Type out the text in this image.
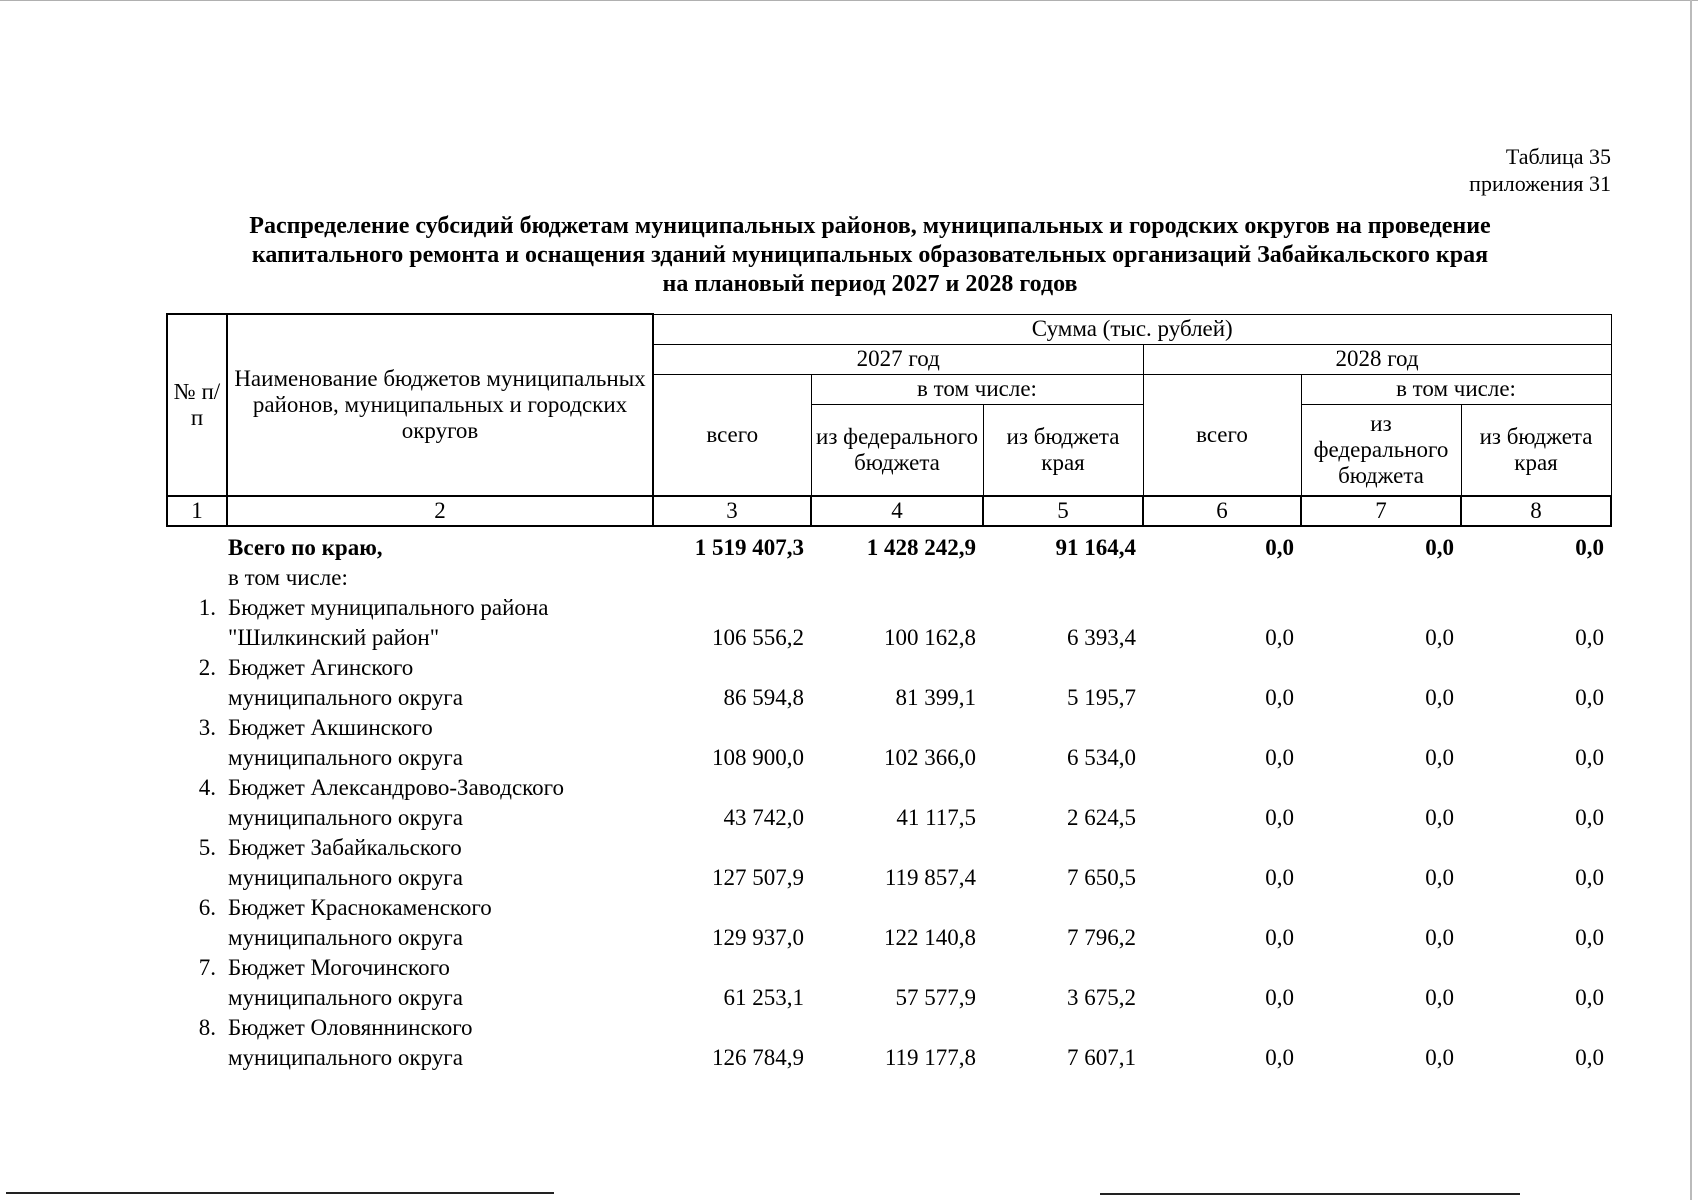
Таблица 35
приложения 31
Распределение субсидий бюджетам муниципальных районов, муниципальных и городских округов на проведение
капитального ремонта и оснащения зданий муниципальных образовательных организаций Забайкальского края
на плановый период 2027 и 2028 годов
№ п/п	Наименование бюджетов муниципальных районов, муниципальных и городских округов	Сумма (тыс. рублей)					
		2027 год			2028 год		
		всего	в том числе:		всего	в том числе:	
			из федерального бюджета	из бюджета края		из федерального бюджета	из бюджета края
1	2	3	4	5	6	7	8
	Всего по краю,	1 519 407,3	1 428 242,9	91 164,4	0,0	0,0	0,0
	в том числе:						
1.	Бюджет муниципального района						
	"Шилкинский район"	106 556,2	100 162,8	6 393,4	0,0	0,0	0,0
2.	Бюджет Агинского						
	муниципального округа	86 594,8	81 399,1	5 195,7	0,0	0,0	0,0
3.	Бюджет Акшинского						
	муниципального округа	108 900,0	102 366,0	6 534,0	0,0	0,0	0,0
4.	Бюджет Александрово-Заводского						
	муниципального округа	43 742,0	41 117,5	2 624,5	0,0	0,0	0,0
5.	Бюджет Забайкальского						
	муниципального округа	127 507,9	119 857,4	7 650,5	0,0	0,0	0,0
6.	Бюджет Краснокаменского						
	муниципального округа	129 937,0	122 140,8	7 796,2	0,0	0,0	0,0
7.	Бюджет Могочинского						
	муниципального округа	61 253,1	57 577,9	3 675,2	0,0	0,0	0,0
8.	Бюджет Оловяннинского						
	муниципального округа	126 784,9	119 177,8	7 607,1	0,0	0,0	0,0
